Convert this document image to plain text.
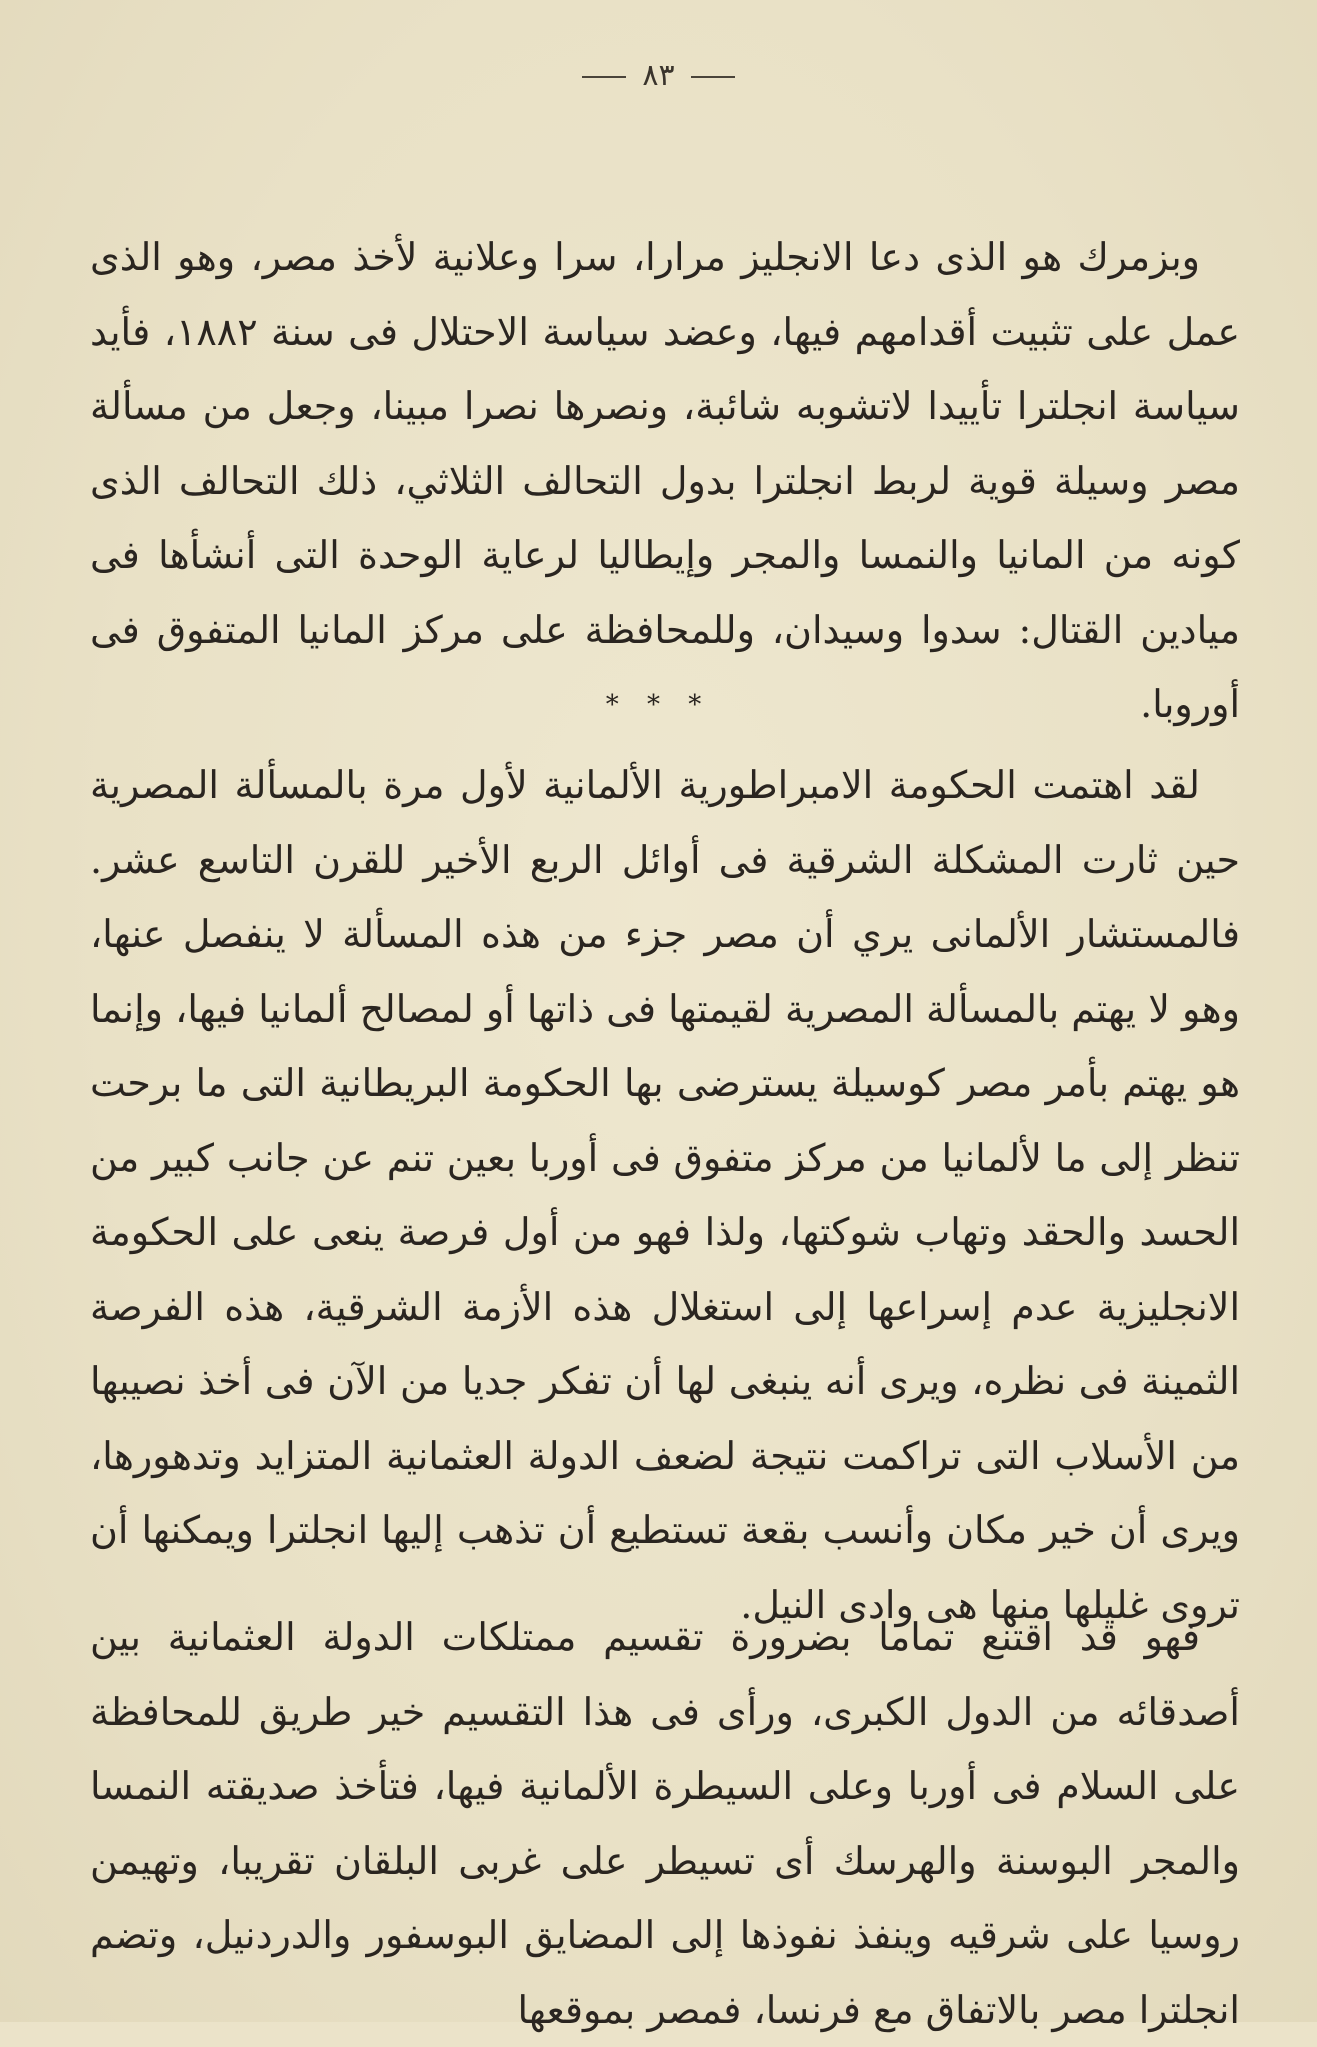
٨٣

وبزمرك هو الذى دعا الانجليز مرارا، سرا وعلانية لأخذ مصر، وهو الذى عمل على تثبيت أقدامهم فيها، وعضد سياسة الاحتلال فى سنة ١٨٨٢، فأيد سياسة انجلترا تأييدا لاتشوبه شائبة، ونصرها نصرا مبينا، وجعل من مسألة مصر وسيلة قوية لربط انجلترا بدول التحالف الثلاثي، ذلك التحالف الذى كونه من المانيا والنمسا والمجر وإيطاليا لرعاية الوحدة التى أنشأها فى ميادين القتال: سدوا وسيدان، وللمحافظة على مركز المانيا المتفوق فى أوروبا.

* * *

لقد اهتمت الحكومة الامبراطورية الألمانية لأول مرة بالمسألة المصرية حين ثارت المشكلة الشرقية فى أوائل الربع الأخير للقرن التاسع عشر. فالمستشار الألمانى يري أن مصر جزء من هذه المسألة لا ينفصل عنها، وهو لا يهتم بالمسألة المصرية لقيمتها فى ذاتها أو لمصالح ألمانيا فيها، وإنما هو يهتم بأمر مصر كوسيلة يسترضى بها الحكومة البريطانية التى ما برحت تنظر إلى ما لألمانيا من مركز متفوق فى أوربا بعين تنم عن جانب كبير من الحسد والحقد وتهاب شوكتها، ولذا فهو من أول فرصة ينعى على الحكومة الانجليزية عدم إسراعها إلى استغلال هذه الأزمة الشرقية، هذه الفرصة الثمينة فى نظره، ويرى أنه ينبغى لها أن تفكر جديا من الآن فى أخذ نصيبها من الأسلاب التى تراكمت نتيجة لضعف الدولة العثمانية المتزايد وتدهورها، ويرى أن خير مكان وأنسب بقعة تستطيع أن تذهب إليها انجلترا ويمكنها أن تروى غليلها منها هى وادى النيل.

فهو قد اقتنع تماما بضرورة تقسيم ممتلكات الدولة العثمانية بين أصدقائه من الدول الكبرى، ورأى فى هذا التقسيم خير طريق للمحافظة على السلام فى أوربا وعلى السيطرة الألمانية فيها، فتأخذ صديقته النمسا والمجر البوسنة والهرسك أى تسيطر على غربى البلقان تقريبا، وتهيمن روسيا على شرقيه وينفذ نفوذها إلى المضايق البوسفور والدردنيل، وتضم انجلترا مصر بالاتفاق مع فرنسا، فمصر بموقعها
